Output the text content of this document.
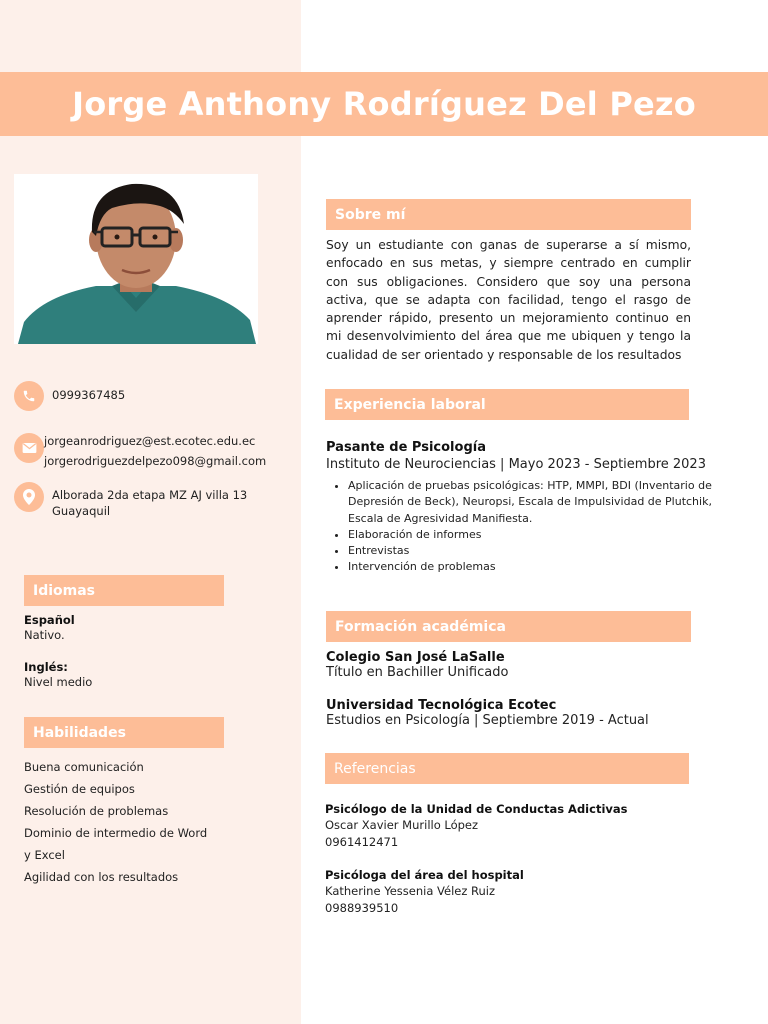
Jorge Anthony Rodríguez Del Pezo
0999367485
jorgeanrodriguez@est.ecotec.edu.ec
jorgerodriguezdelpezo098@gmail.com
Alborada 2da etapa MZ AJ villa 13
Guayaquil
Idiomas
Español
Nativo.
Inglés:
Nivel medio
Habilidades
Buena comunicación
Gestión de equipos
Resolución de problemas
Dominio de intermedio de Word
y Excel
Agilidad con los resultados
Sobre mí

Soy un estudiante con ganas de superarse a sí mismo, enfocado en sus metas, y siempre centrado en cumplir con sus obligaciones. Considero que soy una persona activa, que se adapta con facilidad, tengo el rasgo de aprender rápido, presento un mejoramiento continuo en mi desenvolvimiento del área que me ubiquen y tengo la cualidad de ser orientado y responsable de los resultados

Experiencia laboral
Pasante de Psicología
Instituto de Neurociencias | Mayo 2023 - Septiembre 2023
• Aplicación de pruebas psicológicas: HTP, MMPI, BDI (Inventario de Depresión de Beck), Neuropsi, Escala de Impulsividad de Plutchik, Escala de Agresividad Manifiesta.
• Elaboración de informes
• Entrevistas
• Intervención de problemas
Formación académica
Colegio San José LaSalle
Título en Bachiller Unificado
Universidad Tecnológica Ecotec
Estudios en Psicología | Septiembre 2019 - Actual
Referencias
Psicólogo de la Unidad de Conductas Adictivas
Oscar Xavier Murillo López
0961412471
Psicóloga del área del hospital
Katherine Yessenia Vélez Ruiz
0988939510
